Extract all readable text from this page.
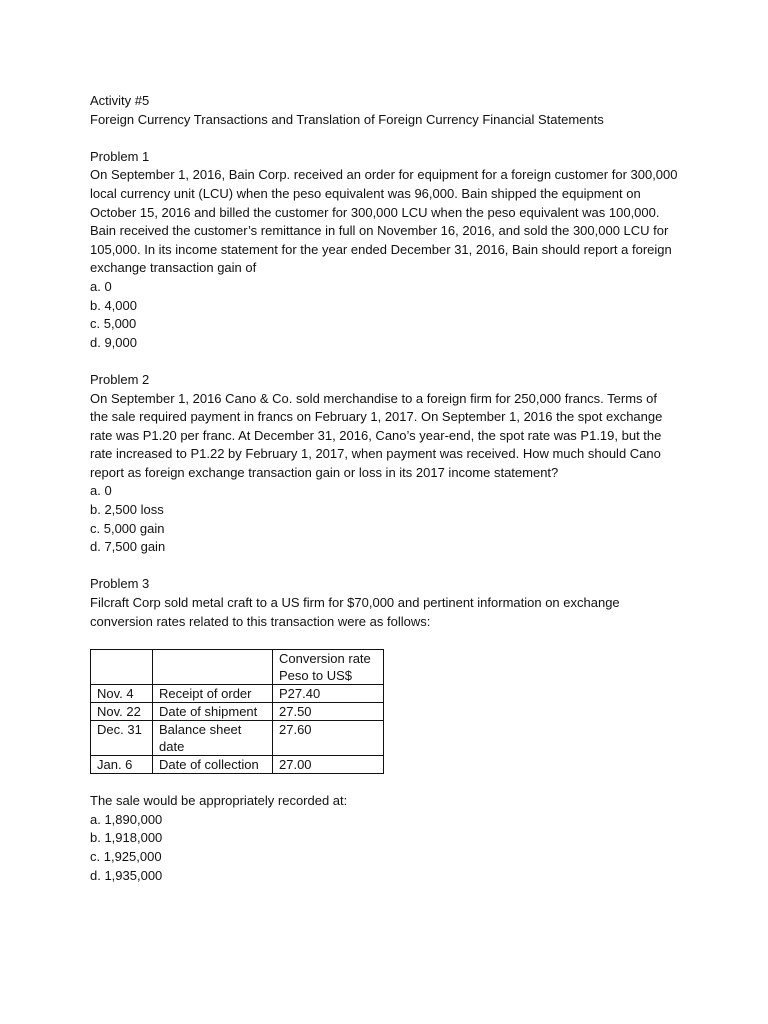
Activity #5
Foreign Currency Transactions and Translation of Foreign Currency Financial Statements
Problem 1
On September 1, 2016, Bain Corp. received an order for equipment for a foreign customer for 300,000 local currency unit (LCU) when the peso equivalent was 96,000. Bain shipped the equipment on October 15, 2016 and billed the customer for 300,000 LCU when the peso equivalent was 100,000. Bain received the customer’s remittance in full on November 16, 2016, and sold the 300,000 LCU for 105,000. In its income statement for the year ended December 31, 2016, Bain should report a foreign exchange transaction gain of
a. 0
b. 4,000
c. 5,000
d. 9,000
Problem 2
On September 1, 2016 Cano & Co. sold merchandise to a foreign firm for 250,000 francs. Terms of the sale required payment in francs on February 1, 2017. On September 1, 2016 the spot exchange rate was P1.20 per franc. At December 31, 2016, Cano’s year-end, the spot rate was P1.19, but the rate increased to P1.22 by February 1, 2017, when payment was received. How much should Cano report as foreign exchange transaction gain or loss in its 2017 income statement?
a. 0
b. 2,500 loss
c. 5,000 gain
d. 7,500 gain
Problem 3
Filcraft Corp sold metal craft to a US firm for $70,000 and pertinent information on exchange conversion rates related to this transaction were as follows:

		Conversion rate
Peso to US$

Nov. 4	Receipt of order	P27.40
Nov. 22	Date of shipment	27.50
Dec. 31	Balance sheet date	27.60
Jan. 6	Date of collection	27.00
The sale would be appropriately recorded at:
a. 1,890,000
b. 1,918,000
c. 1,925,000
d. 1,935,000
